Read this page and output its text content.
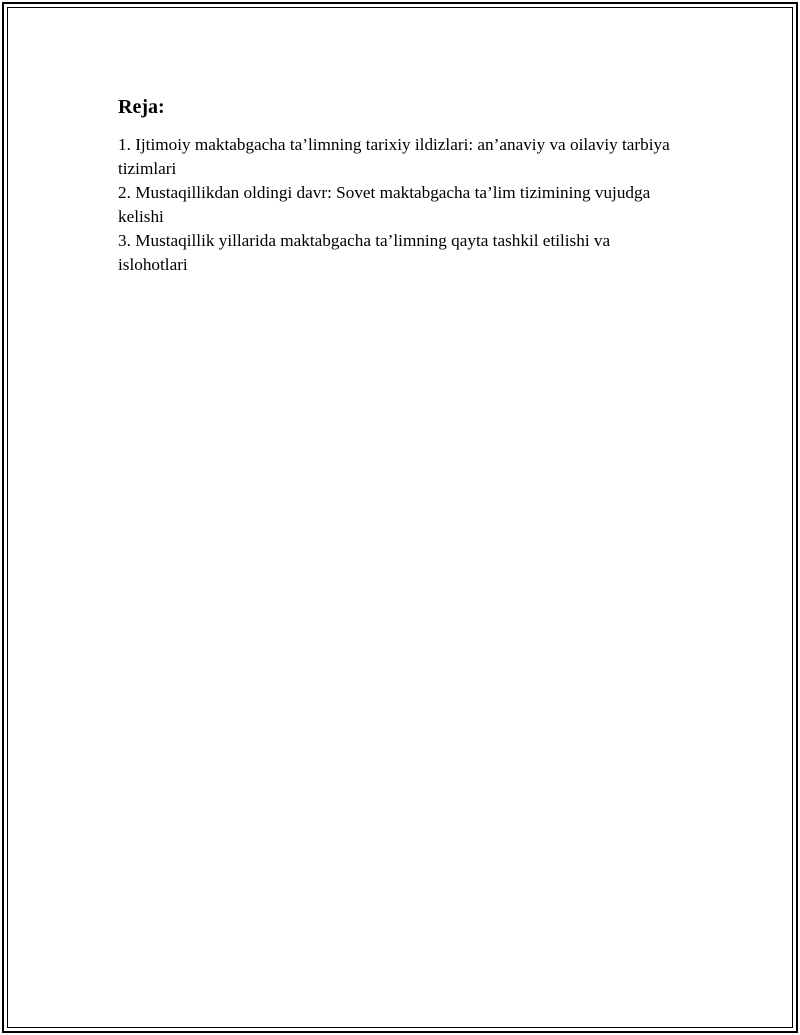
Reja:
1. Ijtimoiy maktabgacha ta’limning tarixiy ildizlari: an’anaviy va oilaviy tarbiya tizimlari
2. Mustaqillikdan oldingi davr: Sovet maktabgacha ta’lim tizimining vujudga kelishi
3. Mustaqillik yillarida maktabgacha ta’limning qayta tashkil etilishi va islohotlari
